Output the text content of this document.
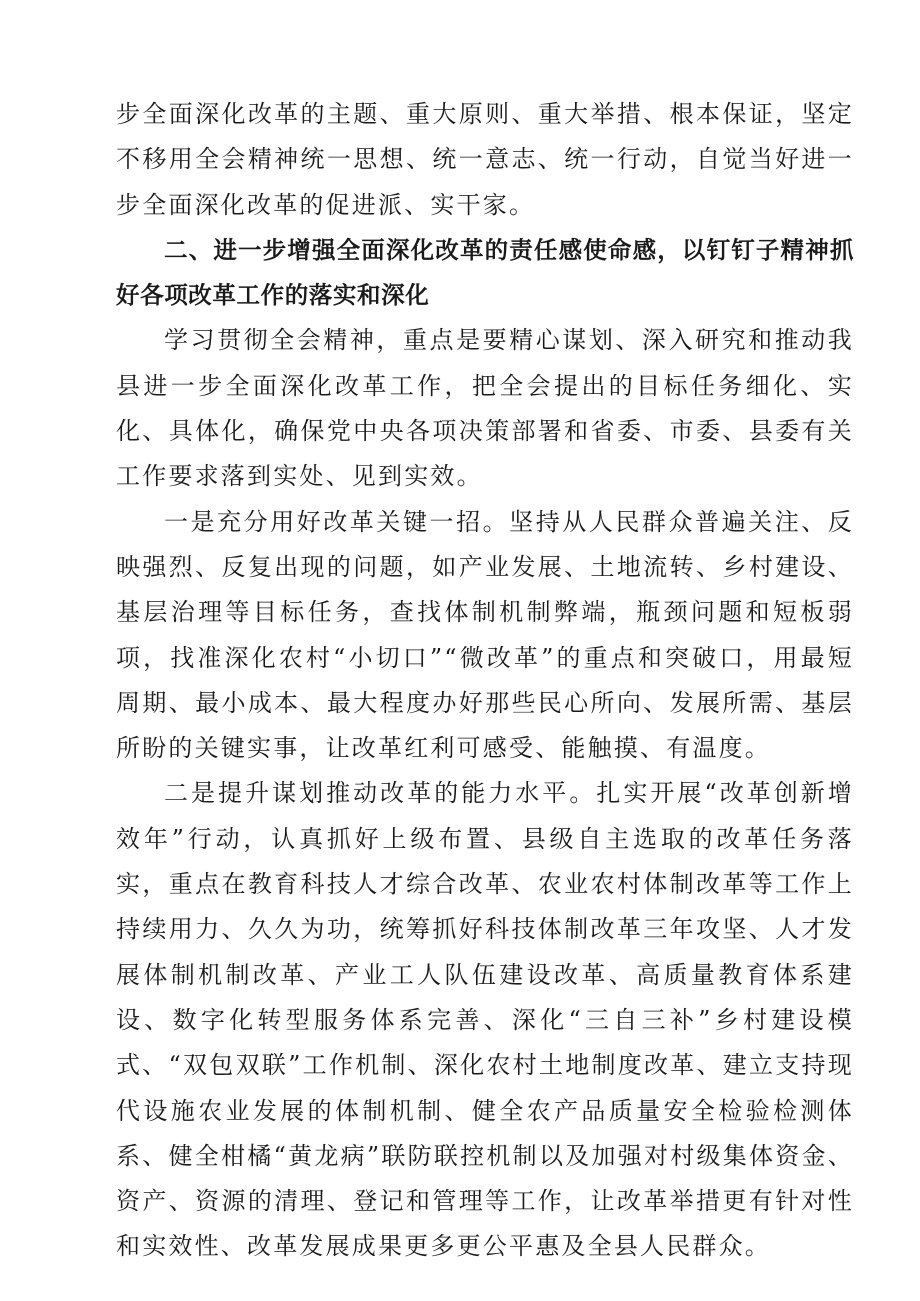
步全面深化改革的主题、重大原则、重大举措、根本保证，坚定不移用全会精神统一思想、统一意志、统一行动，自觉当好进一步全面深化改革的促进派、实干家。

二、进一步增强全面深化改革的责任感使命感，以钉钉子精神抓好各项改革工作的落实和深化

学习贯彻全会精神，重点是要精心谋划、深入研究和推动我县进一步全面深化改革工作，把全会提出的目标任务细化、实化、具体化，确保党中央各项决策部署和省委、市委、县委有关工作要求落到实处、见到实效。

一是充分用好改革关键一招。坚持从人民群众普遍关注、反映强烈、反复出现的问题，如产业发展、土地流转、乡村建设、基层治理等目标任务，查找体制机制弊端，瓶颈问题和短板弱项，找准深化农村“小切口”“微改革”的重点和突破口，用最短周期、最小成本、最大程度办好那些民心所向、发展所需、基层所盼的关键实事，让改革红利可感受、能触摸、有温度。

二是提升谋划推动改革的能力水平。扎实开展“改革创新增效年”行动，认真抓好上级布置、县级自主选取的改革任务落实，重点在教育科技人才综合改革、农业农村体制改革等工作上持续用力、久久为功，统筹抓好科技体制改革三年攻坚、人才发展体制机制改革、产业工人队伍建设改革、高质量教育体系建设、数字化转型服务体系完善、深化“三自三补”乡村建设模式、“双包双联”工作机制、深化农村土地制度改革、建立支持现代设施农业发展的体制机制、健全农产品质量安全检验检测体系、健全柑橘“黄龙病”联防联控机制以及加强对村级集体资金、资产、资源的清理、登记和管理等工作，让改革举措更有针对性和实效性、改革发展成果更多更公平惠及全县人民群众。
